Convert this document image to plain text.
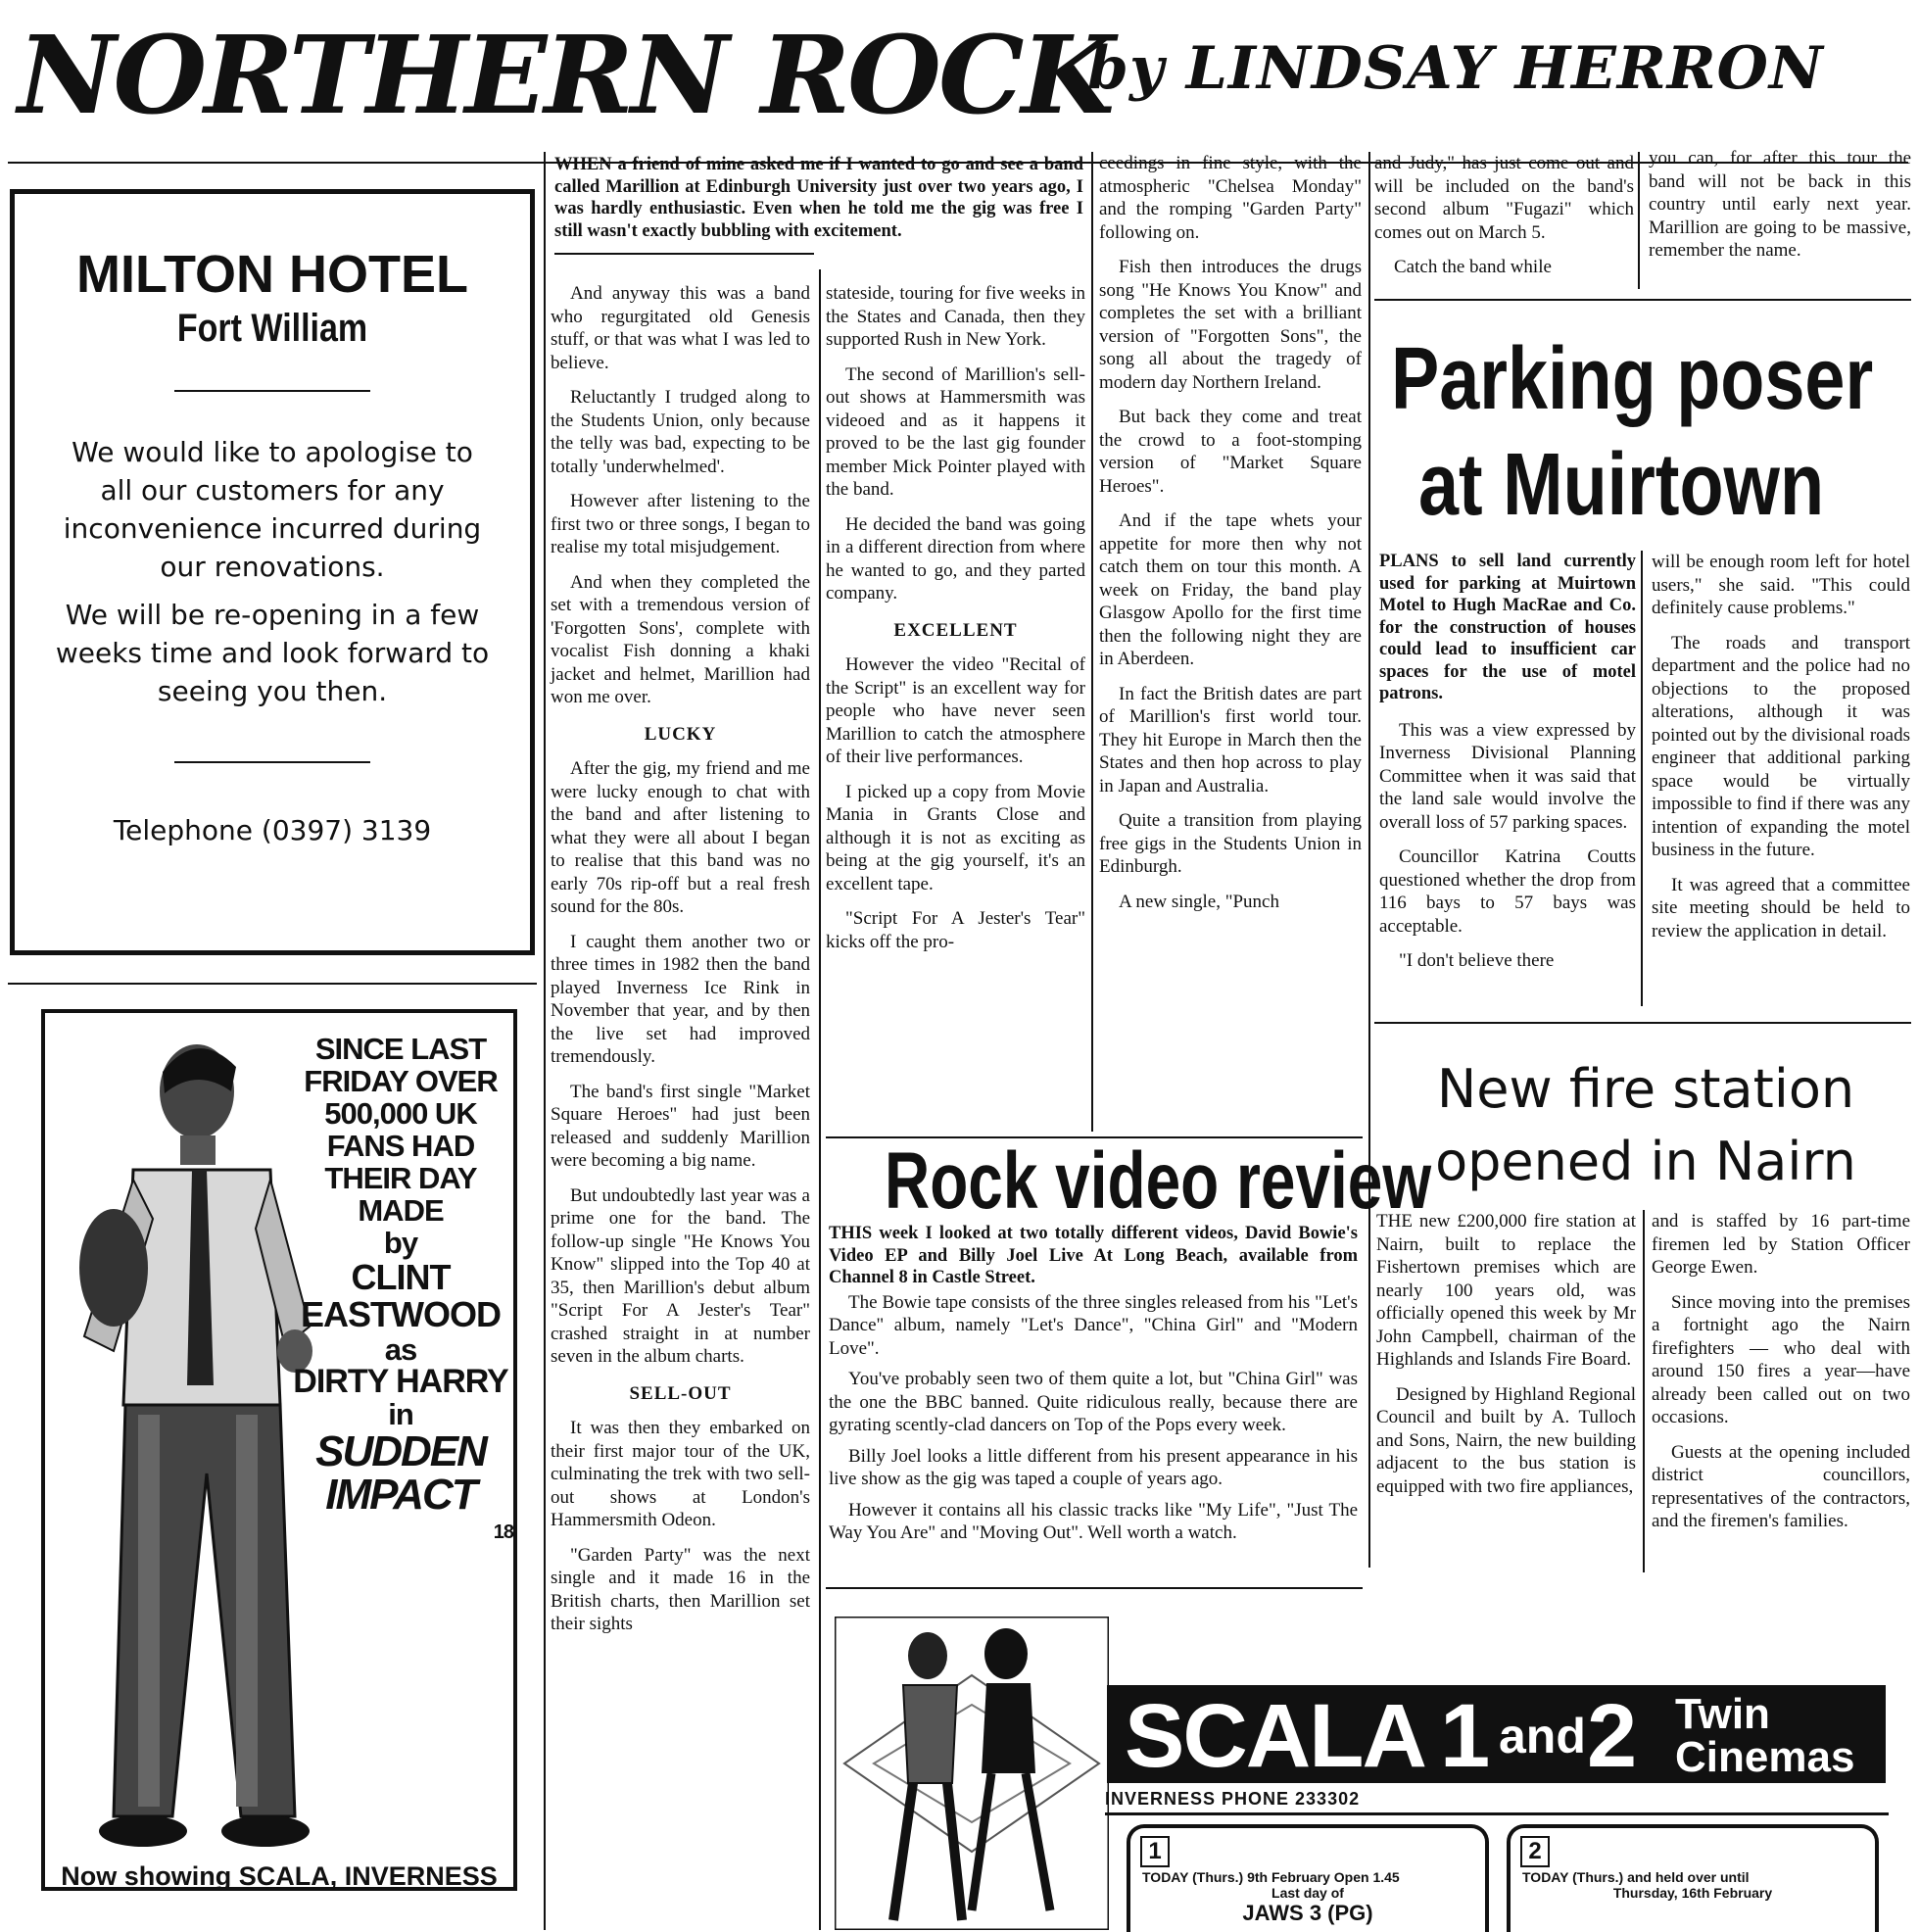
NORTHERN ROCK
by LINDSAY HERRON
MILTON HOTEL
Fort William

We would like to apologise to all our customers for any inconvenience incurred during our renovations.

We will be re-opening in a few weeks time and look forward to seeing you then.

Telephone (0397) 3139
SINCE LAST FRIDAY OVER 500,000 UK FANS HAD THEIR DAY MADE
by
CLINT EASTWOOD
as
DIRTY HARRY
in
SUDDEN IMPACT
18
Now showing SCALA, INVERNESS
WHEN a friend of mine asked me if I wanted to go and see a band called Marillion at Edinburgh University just over two years ago, I was hardly enthusiastic. Even when he told me the gig was free I still wasn't exactly bubbling with excitement.

And anyway this was a band who regurgitated old Genesis stuff, or that was what I was led to believe.

Reluctantly I trudged along to the Students Union, only because the telly was bad, expecting to be totally 'underwhelmed'.

However after listening to the first two or three songs, I began to realise my total misjudgement.

And when they completed the set with a tremendous version of 'Forgotten Sons', complete with vocalist Fish donning a khaki jacket and helmet, Marillion had won me over.

LUCKY

After the gig, my friend and me were lucky enough to chat with the band and after listening to what they were all about I began to realise that this band was no early 70s rip-off but a real fresh sound for the 80s.

I caught them another two or three times in 1982 then the band played Inverness Ice Rink in November that year, and by then the live set had improved tremendously.

The band's first single "Market Square Heroes" had just been released and suddenly Marillion were becoming a big name.

But undoubtedly last year was a prime one for the band. The follow-up single "He Knows You Know" slipped into the Top 40 at 35, then Marillion's debut album "Script For A Jester's Tear" crashed straight in at number seven in the album charts.

SELL-OUT

It was then they embarked on their first major tour of the UK, culminating the trek with two sell-out shows at London's Hammersmith Odeon.

"Garden Party" was the next single and it made 16 in the British charts, then Marillion set their sights

stateside, touring for five weeks in the States and Canada, then they supported Rush in New York.

The second of Marillion's sell-out shows at Hammersmith was videoed and as it happens it proved to be the last gig founder member Mick Pointer played with the band.

He decided the band was going in a different direction from where he wanted to go, and they parted company.

EXCELLENT

However the video "Recital of the Script" is an excellent way for people who have never seen Marillion to catch the atmosphere of their live performances.

I picked up a copy from Movie Mania in Grants Close and although it is not as exciting as being at the gig yourself, it's an excellent tape.

"Script For A Jester's Tear" kicks off the pro-

ceedings in fine style, with the atmospheric "Chelsea Monday" and the romping "Garden Party" following on.

Fish then introduces the drugs song "He Knows You Know" and completes the set with a brilliant version of "Forgotten Sons", the song all about the tragedy of modern day Northern Ireland.

But back they come and treat the crowd to a foot-stomping version of "Market Square Heroes".

And if the tape whets your appetite for more then why not catch them on tour this month. A week on Friday, the band play Glasgow Apollo for the first time then the following night they are in Aberdeen.

In fact the British dates are part of Marillion's first world tour. They hit Europe in March then the States and then hop across to play in Japan and Australia.

Quite a transition from playing free gigs in the Students Union in Edinburgh.

A new single, "Punch

and Judy," has just come out and will be included on the band's second album "Fugazi" which comes out on March 5.

Catch the band while

you can, for after this tour the band will not be back in this country until early next year. Marillion are going to be massive, remember the name.

Parking poser
at Muirtown

PLANS to sell land currently used for parking at Muirtown Motel to Hugh MacRae and Co. for the construction of houses could lead to insufficient car spaces for the use of motel patrons.

This was a view expressed by Inverness Divisional Planning Committee when it was said that the land sale would involve the overall loss of 57 parking spaces.

Councillor Katrina Coutts questioned whether the drop from 116 bays to 57 bays was acceptable.

"I don't believe there

will be enough room left for hotel users," she said. "This could definitely cause problems."

The roads and transport department and the police had no objections to the proposed alterations, although it was pointed out by the divisional roads engineer that additional parking space would be virtually impossible to find if there was any intention of expanding the motel business in the future.

It was agreed that a committee site meeting should be held to review the application in detail.

Rock video review

THIS week I looked at two totally different videos, David Bowie's Video EP and Billy Joel Live At Long Beach, available from Channel 8 in Castle Street.

The Bowie tape consists of the three singles released from his "Let's Dance" album, namely "Let's Dance", "China Girl" and "Modern Love".

You've probably seen two of them quite a lot, but "China Girl" was the one the BBC banned. Quite ridiculous really, because there are gyrating scently-clad dancers on Top of the Pops every week.

Billy Joel looks a little different from his present appearance in his live show as the gig was taped a couple of years ago.

However it contains all his classic tracks like "My Life", "Just The Way You Are" and "Moving Out". Well worth a watch.

New fire station
opened in Nairn

THE new £200,000 fire station at Nairn, built to replace the Fishertown premises which are nearly 100 years old, was officially opened this week by Mr John Campbell, chairman of the Highlands and Islands Fire Board.

Designed by Highland Regional Council and built by A. Tulloch and Sons, Nairn, the new building adjacent to the bus station is equipped with two fire appliances,

and is staffed by 16 part-time firemen led by Station Officer George Ewen.

Since moving into the premises a fortnight ago the Nairn firefighters — who deal with around 150 fires a year—have already been called out on two occasions.

Guests at the opening included district councillors, representatives of the contractors, and the firemen's families.

SCALA 1 and 2 Twin
Cinemas
INVERNESS PHONE 233302
1
TODAY (Thurs.) 9th February Open 1.45
Last day of
JAWS 3 (PG)
2
TODAY (Thurs.) and held over until
Thursday, 16th February
